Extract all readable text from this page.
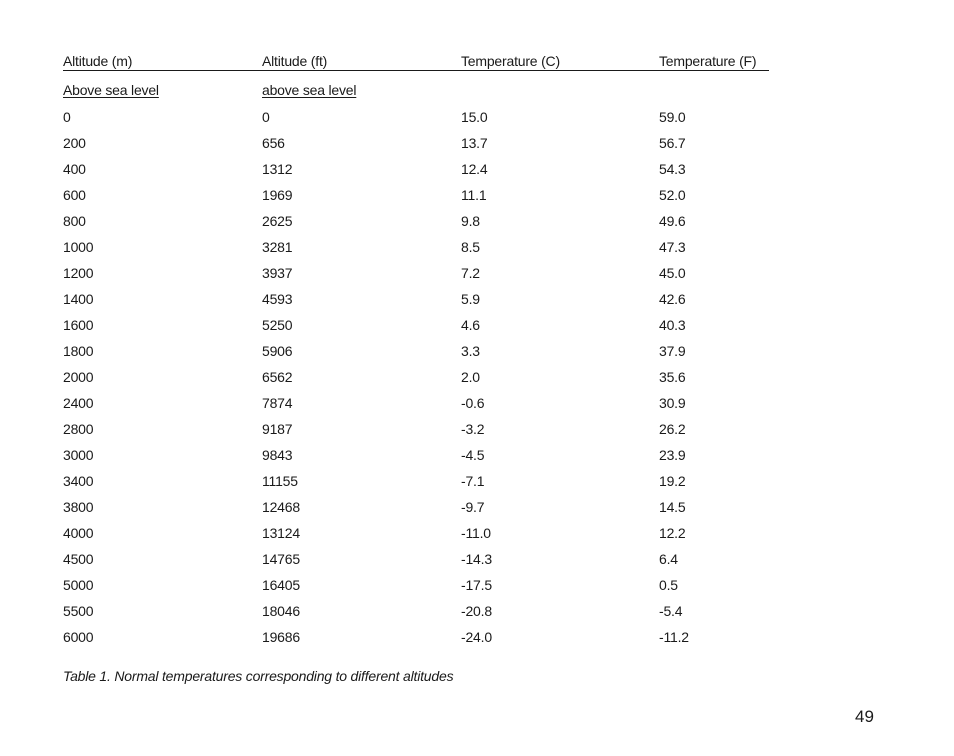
Altitude (m)	Altitude (ft)	Temperature (C)	Temperature (F)
Above sea level	above sea level
0	0	15.0	59.0
200	656	13.7	56.7
400	1312	12.4	54.3
600	1969	11.1	52.0
800	2625	9.8	49.6
1000	3281	8.5	47.3
1200	3937	7.2	45.0
1400	4593	5.9	42.6
1600	5250	4.6	40.3
1800	5906	3.3	37.9
2000	6562	2.0	35.6
2400	7874	-0.6	30.9
2800	9187	-3.2	26.2
3000	9843	-4.5	23.9
3400	11155	-7.1	19.2
3800	12468	-9.7	14.5
4000	13124	-11.0	12.2
4500	14765	-14.3	6.4
5000	16405	-17.5	0.5
5500	18046	-20.8	-5.4
6000	19686	-24.0	-11.2
Table 1. Normal temperatures corresponding to different altitudes
49
